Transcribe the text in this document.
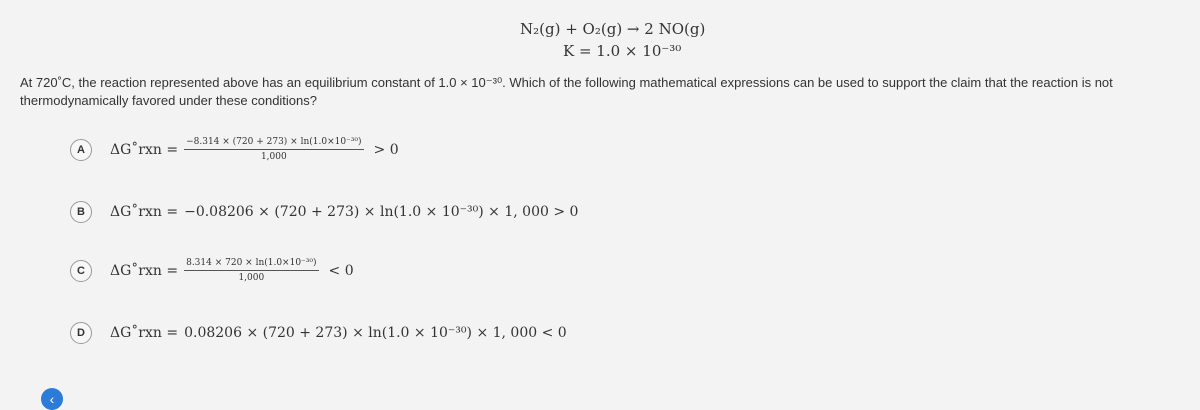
N₂(g) + O₂(g) → 2 NO(g)
K = 1.0 × 10⁻³⁰
At 720˚C, the reaction represented above has an equilibrium constant of 1.0 × 10⁻³⁰. Which of the following mathematical expressions can be used to support the claim that the reaction is not thermodynamically favored under these conditions?
A	ΔG˚rxn = $\frac{\text{−8.314 × (720 + 273) × ln(1.0×10⁻³⁰)}}{1,000} > 0$
B	ΔG˚rxn = −0.08206 × (720 + 273) × ln(1.0 × 10⁻³⁰) × 1, 000 > 0
C	ΔG˚rxn = $\frac{\text{8.314 × 720 × ln(1.0×10⁻³⁰)}}{1,000} < 0$
D	ΔG˚rxn = 0.08206 × (720 + 273) × ln(1.0 × 10⁻³⁰) × 1, 000 < 0
‹
